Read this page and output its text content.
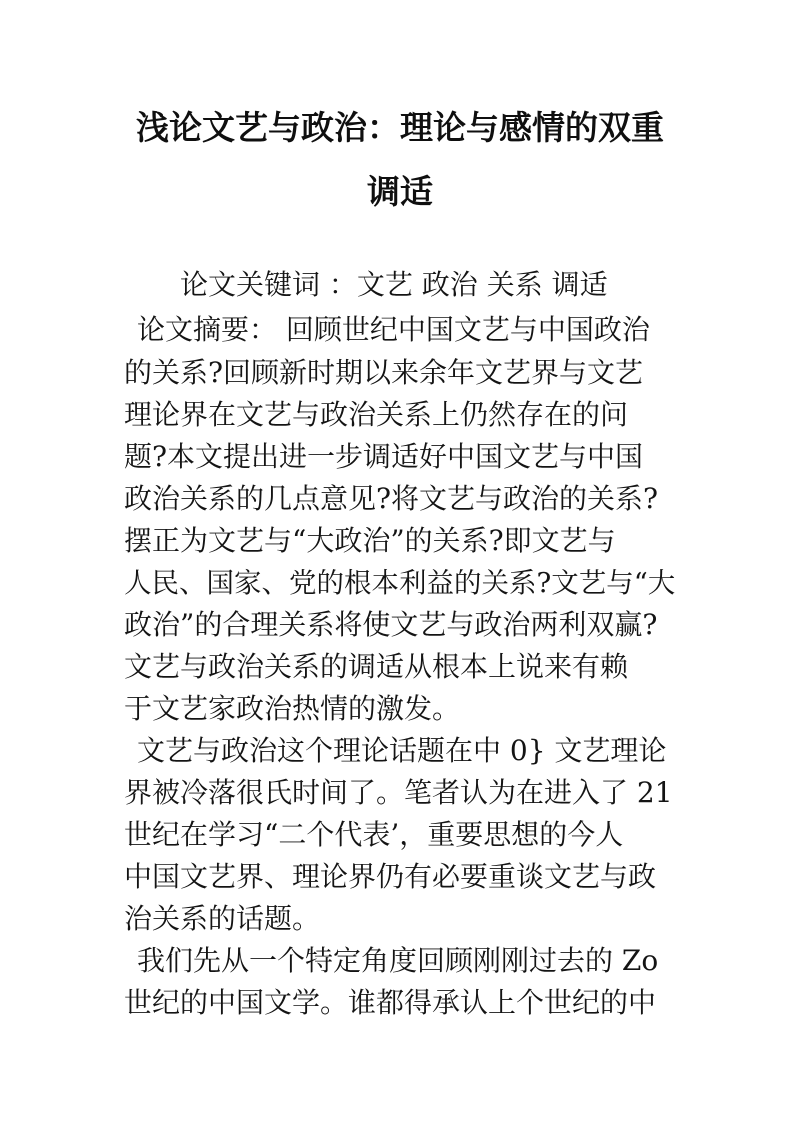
浅论文艺与政治：理论与感情的双重
调适
论文关键词 ：文艺 政治 关系 调适
论文摘要： 回顾世纪中国文艺与中国政治
的关系?回顾新时期以来余年文艺界与文艺
理论界在文艺与政治关系上仍然存在的问
题?本文提出进一步调适好中国文艺与中国
政治关系的几点意见?将文艺与政治的关系?
摆正为文艺与“大政治”的关系?即文艺与
人民、国家、党的根本利益的关系?文艺与“大
政治”的合理关系将使文艺与政治两利双赢?
文艺与政治关系的调适从根本上说来有赖
于文艺家政治热情的激发。
文艺与政治这个理论话题在中 0} 文艺理论
界被冷落很氏时间了。笔者认为在进入了 21
世纪在学习“二个代表’，重要思想的今人
中国文艺界、理论界仍有必要重谈文艺与政
治关系的话题。
我们先从一个特定角度回顾刚刚过去的 Zo
世纪的中国文学。谁都得承认上个世纪的中
